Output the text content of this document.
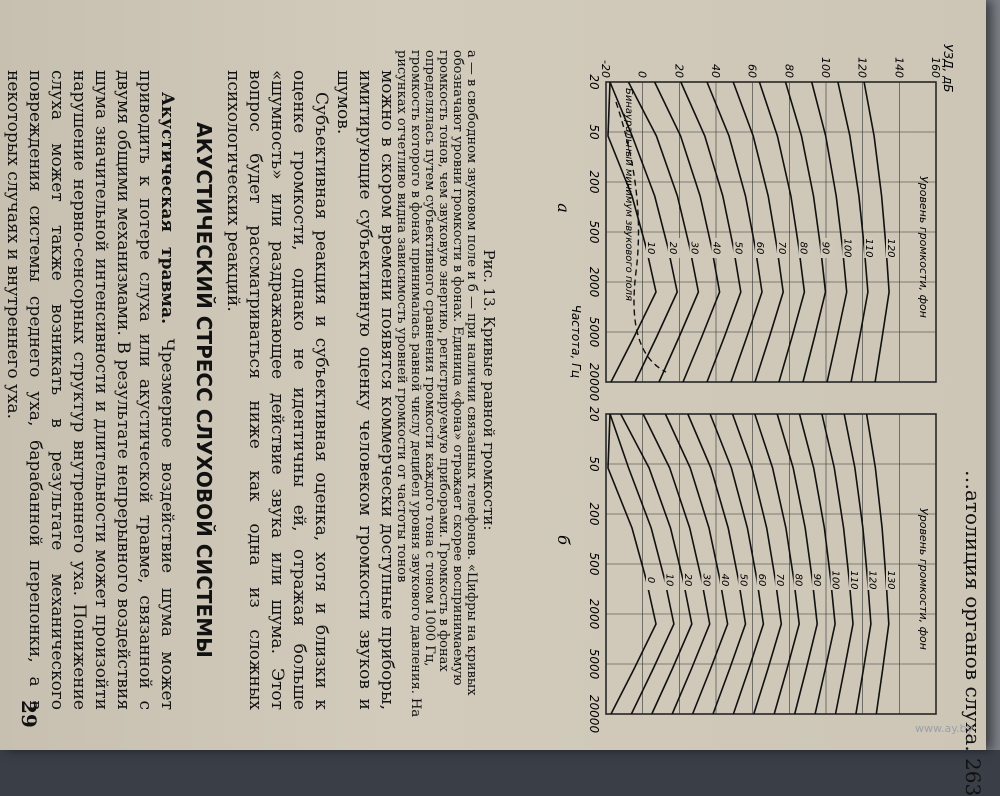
…атолиция органов слуха. 263
20
50
200
500
2000
5000
20000
-20 0 20 40 60 80 100 120 140 160 УЗД, дБ
Частота, Гц
а	Уровень громкости, фон
10 20 30 40 50 60 70 80 90 100 110 120
Бинауральный минимум звукового поля
20
50
200
500
2000
5000
20000
б	Уровень громкости, фон
0 10 20 30 40 50 60 70 80 90 100 110 120 130
Рис. 13. Кривые равной громкости:
а — в свободном звуковом поле и б — при наличии связанных телефонов. «Цифры на кривых обозначают уровни громкости в фонах. Единица «фона» отражает скорее воспринимаемую громкость тонов, чем звуковую энергию, регистрируемую приборами. Громкость в фонах определялась путем субъективного сравнения громкости каждого тона с тоном 1000 Гц, громкость которого в фонах принималась равной числу децибел уровня звукового давления. На рисунках отчетливо видна зависимость уровней громкости от частоты тонов

можно в скором времени появятся коммерчески доступные приборы, имитирующие субъективную оценку человеком громкости звуков и шумов.

Субъективная реакция и субъективная оценка, хотя и близки к оценке громкости, однако не идентичны ей, отражая больше «шумность» или раздражающее действие звука или шума. Этот вопрос будет рассматриваться ниже как одна из сложных психологических реакций.

АКУСТИЧЕСКИЙ СТРЕСС СЛУХОВОЙ СИСТЕМЫ

Акустическая травма. Чрезмерное воздействие шума может приводить к потере слуха или акустической травме, связанной с двумя общими механизмами. В результате непрерывного воздействия шума значительной интенсивности и длительности может произойти нарушение нервно-сенсорных структур внутреннего уха. Понижение слуха может также возникать в результате механического повреждения системы среднего уха, барабанной перепонки, а в некоторых случаях и внутреннего уха.

29
www.ay.by
